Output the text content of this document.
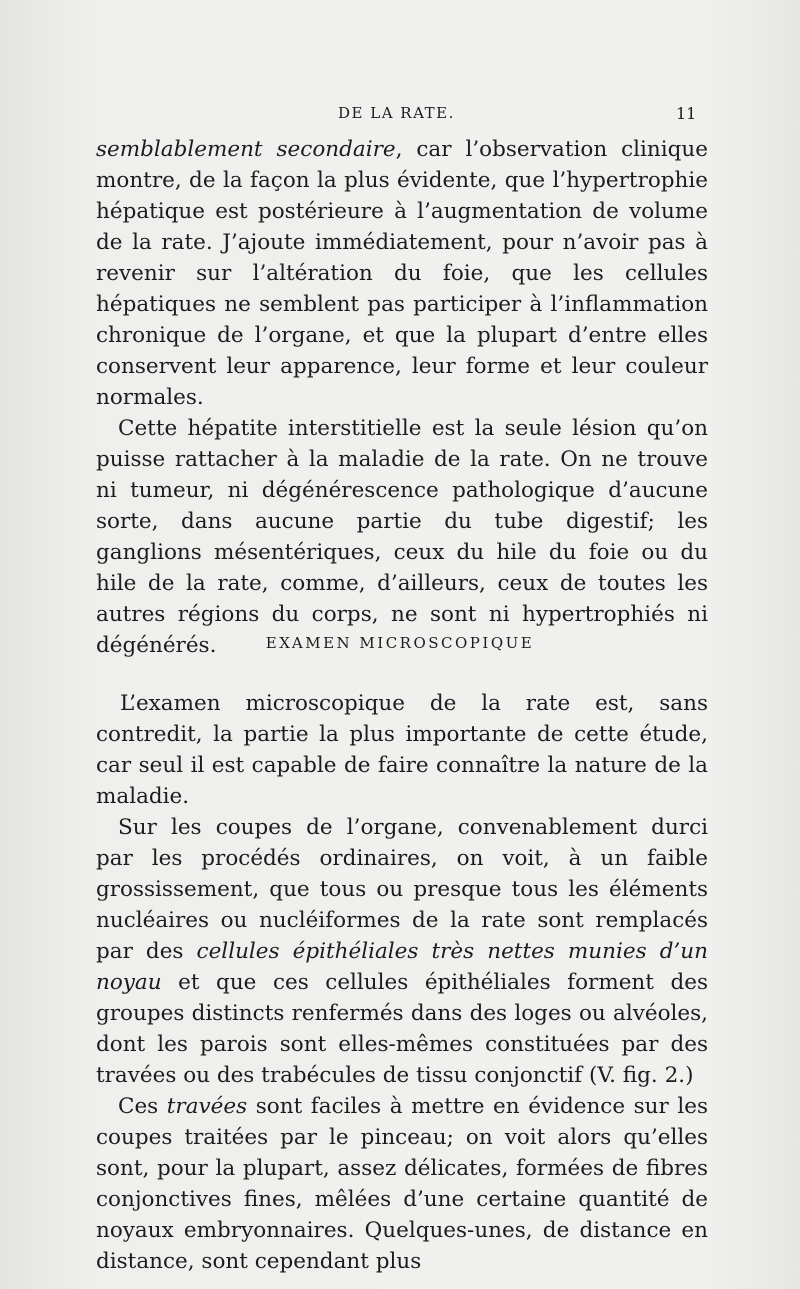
DE LA RATE.	11

semblablement secondaire, car l’observation clinique montre, de la façon la plus évidente, que l’hypertrophie hépatique est postérieure à l’augmentation de volume de la rate. J’ajoute immédiatement, pour n’avoir pas à revenir sur l’altération du foie, que les cellules hépatiques ne semblent pas participer à l’inflammation chronique de l’organe, et que la plupart d’entre elles conservent leur apparence, leur forme et leur couleur normales.

Cette hépatite interstitielle est la seule lésion qu’on puisse rattacher à la maladie de la rate. On ne trouve ni tumeur, ni dégénérescence pathologique d’aucune sorte, dans aucune partie du tube digestif; les ganglions mésentériques, ceux du hile du foie ou du hile de la rate, comme, d’ailleurs, ceux de toutes les autres régions du corps, ne sont ni hypertrophiés ni dégénérés.	EXAMEN MICROSCOPIQUE

L’examen microscopique de la rate est, sans contredit, la partie la plus importante de cette étude, car seul il est capable de faire connaître la nature de la maladie.

Sur les coupes de l’organe, convenablement durci par les procédés ordinaires, on voit, à un faible grossissement, que tous ou presque tous les éléments nucléaires ou nucléiformes de la rate sont remplacés par des cellules épithéliales très nettes munies d’un noyau et que ces cellules épithéliales forment des groupes distincts renfermés dans des loges ou alvéoles, dont les parois sont elles-mêmes constituées par des travées ou des trabécules de tissu conjonctif (V. fig. 2.)

Ces travées sont faciles à mettre en évidence sur les coupes traitées par le pinceau; on voit alors qu’elles sont, pour la plupart, assez délicates, formées de fibres conjonctives fines, mêlées d’une certaine quantité de noyaux embryonnaires. Quelques-unes, de distance en distance, sont cependant plus
